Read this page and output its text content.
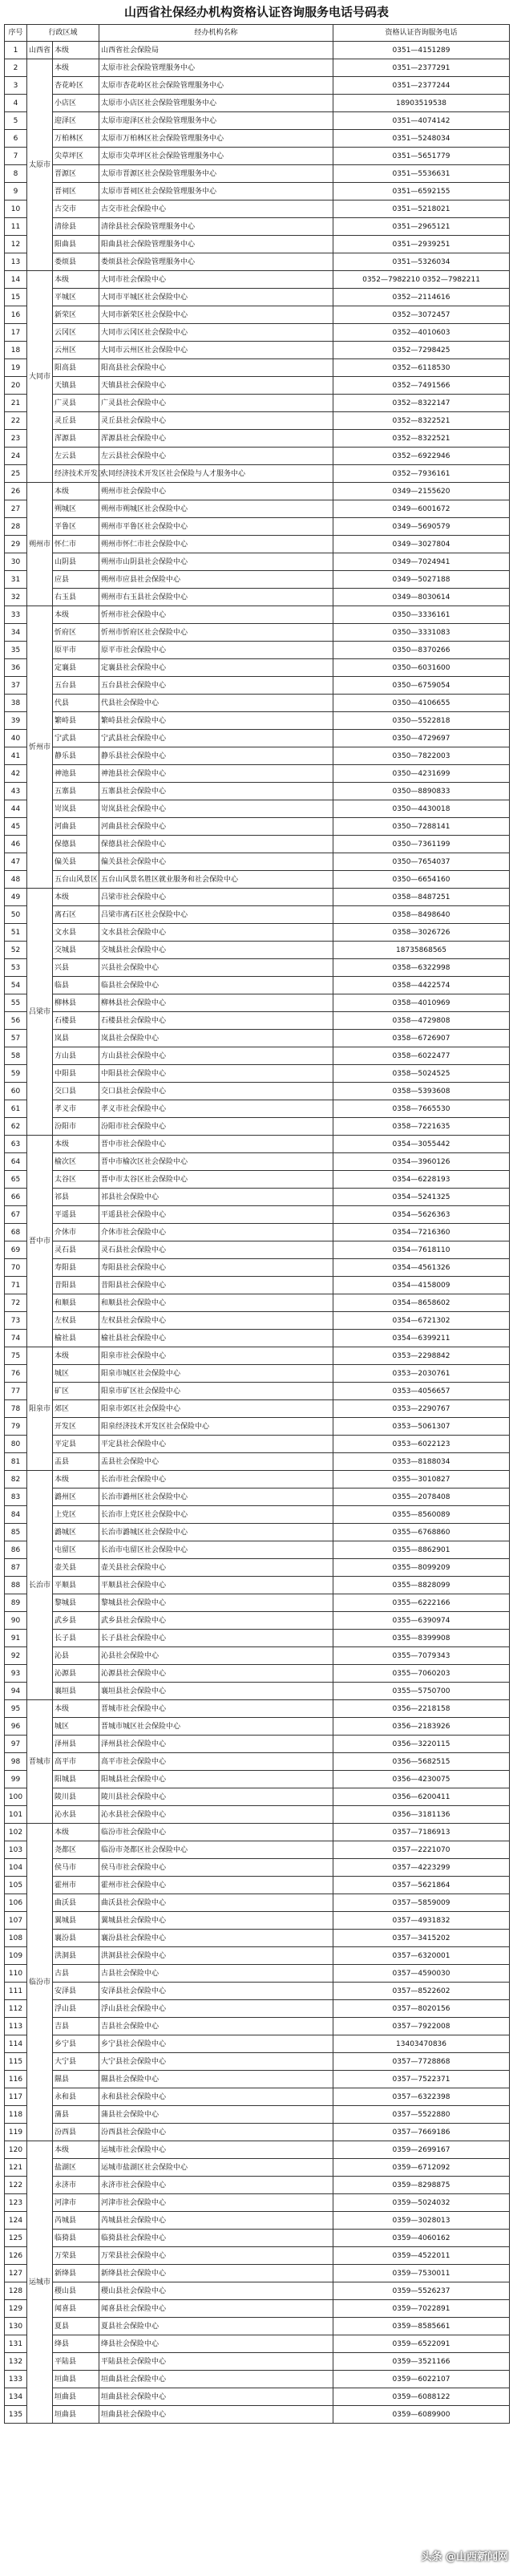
山西省社保经办机构资格认证咨询服务电话号码表
序号	行政区域		经办机构名称	资格认证咨询服务电话
1	山西省	本级	山西省社会保险局	0351—4151289
2	太原市	本级	太原市社会保险管理服务中心	0351—2377291
3		杏花岭区	太原市杏花岭区社会保险管理服务中心	0351—2377244
4		小店区	太原市小店区社会保险管理服务中心	18903519538
5		迎泽区	太原市迎泽区社会保险管理服务中心	0351—4074142
6		万柏林区	太原市万柏林区社会保险管理服务中心	0351—5248034
7		尖草坪区	太原市尖草坪区社会保险管理服务中心	0351—5651779
8		晋源区	太原市晋源区社会保险管理服务中心	0351—5536631
9		晋祠区	太原市晋祠区社会保险管理服务中心	0351—6592155
10		古交市	古交市社会保险中心	0351—5218021
11		清徐县	清徐县社会保险管理服务中心	0351—2965121
12		阳曲县	阳曲县社会保险管理服务中心	0351—2939251
13		娄烦县	娄烦县社会保险管理服务中心	0351—5326034
14	大同市	本级	大同市社会保险中心	0352—7982210 0352—7982211
15		平城区	大同市平城区社会保险中心	0352—2114616
16		新荣区	大同市新荣区社会保险中心	0352—3072457
17		云冈区	大同市云冈区社会保险中心	0352—4010603
18		云州区	大同市云州区社会保险中心	0352—7298425
19		阳高县	阳高县社会保险中心	0352—6118530
20		天镇县	天镇县社会保险中心	0352—7491566
21		广灵县	广灵县社会保险中心	0352—8322147
22		灵丘县	灵丘县社会保险中心	0352—8322521
23		浑源县	浑源县社会保险中心	0352—8322521
24		左云县	左云县社会保险中心	0352—6922946
25		经济技术开发区	大同经济技术开发区社会保险与人才服务中心	0352—7936161
26	朔州市	本级	朔州市社会保险中心	0349—2155620
27		朔城区	朔州市朔城区社会保险中心	0349—6001672
28		平鲁区	朔州市平鲁区社会保险中心	0349—5690579
29		怀仁市	朔州市怀仁市社会保险中心	0349—3027804
30		山阴县	朔州市山阴县社会保险中心	0349—7024941
31		应县	朔州市应县社会保险中心	0349—5027188
32		右玉县	朔州市右玉县社会保险中心	0349—8030614
33	忻州市	本级	忻州市社会保险中心	0350—3336161
34		忻府区	忻州市忻府区社会保险中心	0350—3331083
35		原平市	原平市社会保险中心	0350—8370266
36		定襄县	定襄县社会保险中心	0350—6031600
37		五台县	五台县社会保险中心	0350—6759054
38		代县	代县社会保险中心	0350—4106655
39		繁峙县	繁峙县社会保险中心	0350—5522818
40		宁武县	宁武县社会保险中心	0350—4729697
41		静乐县	静乐县社会保险中心	0350—7822003
42		神池县	神池县社会保险中心	0350—4231699
43		五寨县	五寨县社会保险中心	0350—8890833
44		岢岚县	岢岚县社会保险中心	0350—4430018
45		河曲县	河曲县社会保险中心	0350—7288141
46		保德县	保德县社会保险中心	0350—7361199
47		偏关县	偏关县社会保险中心	0350—7654037
48		五台山风景区	五台山风景名胜区就业服务和社会保险中心	0350—6654160
49	吕梁市	本级	吕梁市社会保险中心	0358—8487251
50		离石区	吕梁市离石区社会保险中心	0358—8498640
51		文水县	文水县社会保险中心	0358—3026726
52		交城县	交城县社会保险中心	18735868565
53		兴县	兴县社会保险中心	0358—6322998
54		临县	临县社会保险中心	0358—4422574
55		柳林县	柳林县社会保险中心	0358—4010969
56		石楼县	石楼县社会保险中心	0358—4729808
57		岚县	岚县社会保险中心	0358—6726907
58		方山县	方山县社会保险中心	0358—6022477
59		中阳县	中阳县社会保险中心	0358—5024525
60		交口县	交口县社会保险中心	0358—5393608
61		孝义市	孝义市社会保险中心	0358—7665530
62		汾阳市	汾阳市社会保险中心	0358—7221635
63	晋中市	本级	晋中市社会保险中心	0354—3055442
64		榆次区	晋中市榆次区社会保险中心	0354—3960126
65		太谷区	晋中市太谷区社会保险中心	0354—6228193
66		祁县	祁县社会保险中心	0354—5241325
67		平遥县	平遥县社会保险中心	0354—5626363
68		介休市	介休市社会保险中心	0354—7216360
69		灵石县	灵石县社会保险中心	0354—7618110
70		寿阳县	寿阳县社会保险中心	0354—4561326
71		昔阳县	昔阳县社会保险中心	0354—4158009
72		和顺县	和顺县社会保险中心	0354—8658602
73		左权县	左权县社会保险中心	0354—6721302
74		榆社县	榆社县社会保险中心	0354—6399211
75	阳泉市	本级	阳泉市社会保险中心	0353—2298842
76		城区	阳泉市城区社会保险中心	0353—2030761
77		矿区	阳泉市矿区社会保险中心	0353—4056657
78		郊区	阳泉市郊区社会保险中心	0353—2290767
79		开发区	阳泉经济技术开发区社会保险中心	0353—5061307
80		平定县	平定县社会保险中心	0353—6022123
81		盂县	盂县社会保险中心	0353—8188034
82	长治市	本级	长治市社会保险中心	0355—3010827
83		潞州区	长治市潞州区社会保险中心	0355—2078408
84		上党区	长治市上党区社会保险中心	0355—8560089
85		潞城区	长治市潞城区社会保险中心	0355—6768860
86		屯留区	长治市屯留区社会保险中心	0355—8862901
87		壶关县	壶关县社会保险中心	0355—8099209
88		平顺县	平顺县社会保险中心	0355—8828099
89		黎城县	黎城县社会保险中心	0355—6222166
90		武乡县	武乡县社会保险中心	0355—6390974
91		长子县	长子县社会保险中心	0355—8399908
92		沁县	沁县社会保险中心	0355—7079343
93		沁源县	沁源县社会保险中心	0355—7060203
94		襄垣县	襄垣县社会保险中心	0355—5750700
95	晋城市	本级	晋城市社会保险中心	0356—2218158
96		城区	晋城市城区社会保险中心	0356—2183926
97		泽州县	泽州县社会保险中心	0356—3220115
98		高平市	高平市社会保险中心	0356—5682515
99		阳城县	阳城县社会保险中心	0356—4230075
100		陵川县	陵川县社会保险中心	0356—6200411
101		沁水县	沁水县社会保险中心	0356—3181136
102	临汾市	本级	临汾市社会保险中心	0357—7186913
103		尧都区	临汾市尧都区社会保险中心	0357—2221070
104		侯马市	侯马市社会保险中心	0357—4223299
105		霍州市	霍州市社会保险中心	0357—5621864
106		曲沃县	曲沃县社会保险中心	0357—5859009
107		翼城县	翼城县社会保险中心	0357—4931832
108		襄汾县	襄汾县社会保险中心	0357—3415202
109		洪洞县	洪洞县社会保险中心	0357—6320001
110		古县	古县社会保险中心	0357—4590030
111		安泽县	安泽县社会保险中心	0357—8522602
112		浮山县	浮山县社会保险中心	0357—8020156
113		吉县	吉县社会保险中心	0357—7922008
114		乡宁县	乡宁县社会保险中心	13403470836
115		大宁县	大宁县社会保险中心	0357—7728868
116		隰县	隰县社会保险中心	0357—7522371
117		永和县	永和县社会保险中心	0357—6322398
118		蒲县	蒲县社会保险中心	0357—5522880
119		汾西县	汾西县社会保险中心	0357—7669186
120	运城市	本级	运城市社会保险中心	0359—2699167
121		盐湖区	运城市盐湖区社会保险中心	0359—6712092
122		永济市	永济市社会保险中心	0359—8298875
123		河津市	河津市社会保险中心	0359—5024032
124		芮城县	芮城县社会保险中心	0359—3028013
125		临猗县	临猗县社会保险中心	0359—4060162
126		万荣县	万荣县社会保险中心	0359—4522011
127		新绛县	新绛县社会保险中心	0359—7530011
128		稷山县	稷山县社会保险中心	0359—5526237
129		闻喜县	闻喜县社会保险中心	0359—7022891
130		夏县	夏县社会保险中心	0359—8585661
131		绛县	绛县社会保险中心	0359—6522091
132		平陆县	平陆县社会保险中心	0359—3521166
133		垣曲县	垣曲县社会保险中心	0359—6022107
134		垣曲县	垣曲县社会保险中心	0359—6088122
135		垣曲县	垣曲县社会保险中心	0359—6089900
头条 @山西新闻网
